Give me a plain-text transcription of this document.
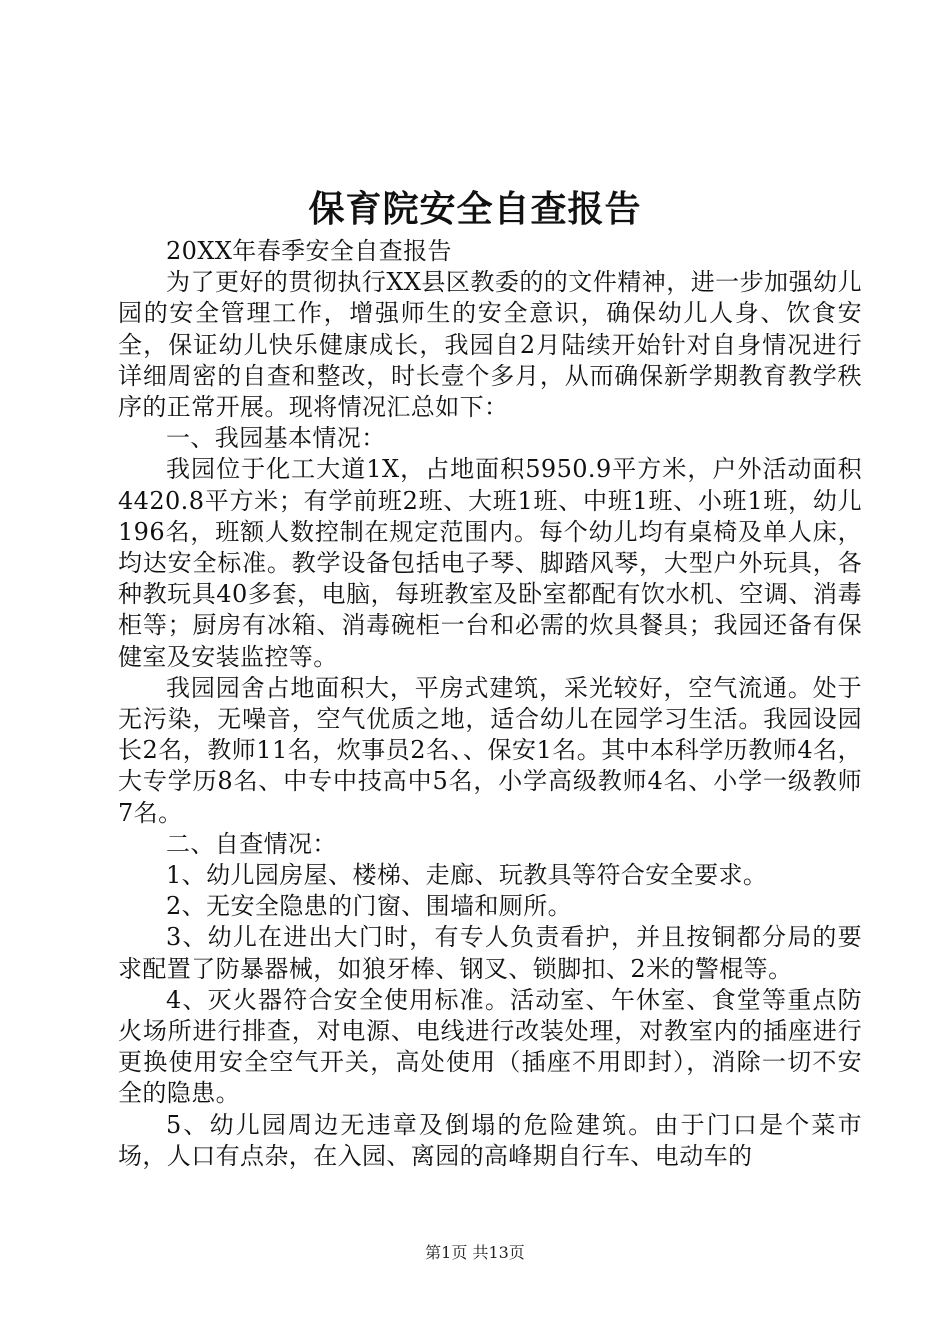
保育院安全自查报告

20XX年春季安全自查报告

为了更好的贯彻执行XX县区教委的的文件精神，进一步加强幼儿园的安全管理工作，增强师生的安全意识，确保幼儿人身、饮食安全，保证幼儿快乐健康成长，我园自2月陆续开始针对自身情况进行详细周密的自查和整改，时长壹个多月，从而确保新学期教育教学秩序的正常开展。现将情况汇总如下：

一、我园基本情况：

我园位于化工大道1X，占地面积5950.9平方米，户外活动面积4420.8平方米；有学前班2班、大班1班、中班1班、小班1班，幼儿196名，班额人数控制在规定范围内。每个幼儿均有桌椅及单人床，均达安全标准。教学设备包括电子琴、脚踏风琴，大型户外玩具，各种教玩具40多套，电脑，每班教室及卧室都配有饮水机、空调、消毒柜等；厨房有冰箱、消毒碗柜一台和必需的炊具餐具；我园还备有保健室及安装监控等。

我园园舍占地面积大，平房式建筑，采光较好，空气流通。处于无污染，无噪音，空气优质之地，适合幼儿在园学习生活。我园设园长2名，教师11名，炊事员2名、、保安1名。其中本科学历教师4名，大专学历8名、中专中技高中5名，小学高级教师4名、小学一级教师7名。

二、自查情况：

1、幼儿园房屋、楼梯、走廊、玩教具等符合安全要求。

2、无安全隐患的门窗、围墙和厕所。

3、幼儿在进出大门时，有专人负责看护，并且按铜都分局的要求配置了防暴器械，如狼牙棒、钢叉、锁脚扣、2米的警棍等。

4、灭火器符合安全使用标准。活动室、午休室、食堂等重点防火场所进行排查，对电源、电线进行改装处理，对教室内的插座进行更换使用安全空气开关，高处使用（插座不用即封），消除一切不安全的隐患。

5、幼儿园周边无违章及倒塌的危险建筑。由于门口是个菜市场，人口有点杂，在入园、离园的高峰期自行车、电动车的

第1页 共13页
